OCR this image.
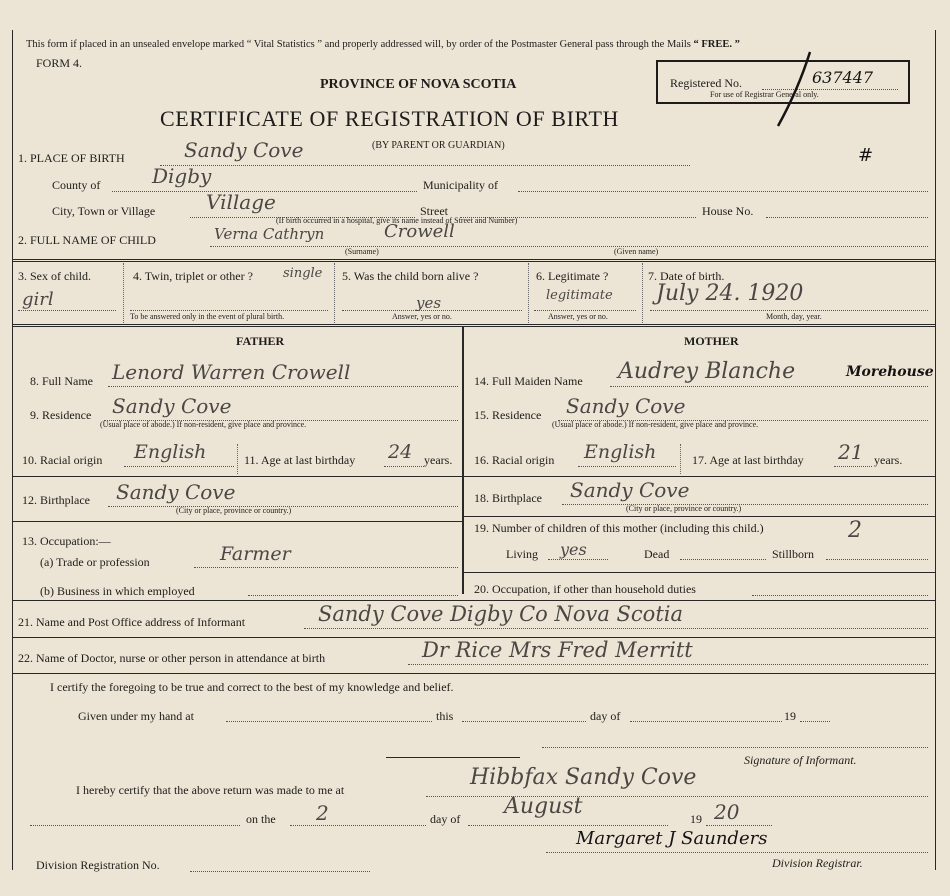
This form if placed in an unsealed envelope marked “ Vital Statistics ” and properly addressed will, by order of the Postmaster General pass through the Mails “ FREE. ”
FORM 4.
PROVINCE OF NOVA SCOTIA
CERTIFICATE OF REGISTRATION OF BIRTH
(BY PARENT OR GUARDIAN)
Registered No.	637447
For use of Registrar General only.
#
1. PLACE OF BIRTH	Sandy Cove
County of	Digby	Municipality of
City, Town or Village	Village	Street
(If birth occurred in a hospital, give its name instead of Street and Number)
House No.
2. FULL NAME OF CHILD	Verna Cathryn	Crowell
(Surname)	(Given name)
3. Sex of child.
girl
4. Twin, triplet or other ? single
To be answered only in the event of plural birth.
5. Was the child born alive ?
yes
Answer, yes or no.
6. Legitimate ?
legitimate
Answer, yes or no.
7. Date of birth.
July 24. 1920
Month, day, year.
FATHER	MOTHER
8. Full Name Lenord Warren Crowell
9. Residence Sandy Cove
(Usual place of abode.) If non-resident, give place and province.
10. Racial origin English	11. Age at last birthday 24 years.
12. Birthplace Sandy Cove
(City or place, province or country.)
13. Occupation:—
(a) Trade or profession	Farmer
(b) Business in which employed
14. Full Maiden Name Audrey Blanche	Morehouse
15. Residence Sandy Cove
(Usual place of abode.) If non-resident, give place and province.
16. Racial origin English	17. Age at last birthday 21 years.
18. Birthplace Sandy Cove
(City or place, province or country.)
19. Number of children of this mother (including this child.)	2
Living yes	Dead	Stillborn
20. Occupation, if other than household duties
21. Name and Post Office address of Informant	Sandy Cove Digby Co Nova Scotia
22. Name of Doctor, nurse or other person in attendance at birth	Dr Rice Mrs Fred Merritt
I certify the foregoing to be true and correct to the best of my knowledge and belief.
Given under my hand at	this	day of	19
Signature of Informant.
I hereby certify that the above return was made to me at	Hibbfax Sandy Cove
on the 2	day of August	19 20
Division Registration No.
Margaret J Saunders
Division Registrar.
